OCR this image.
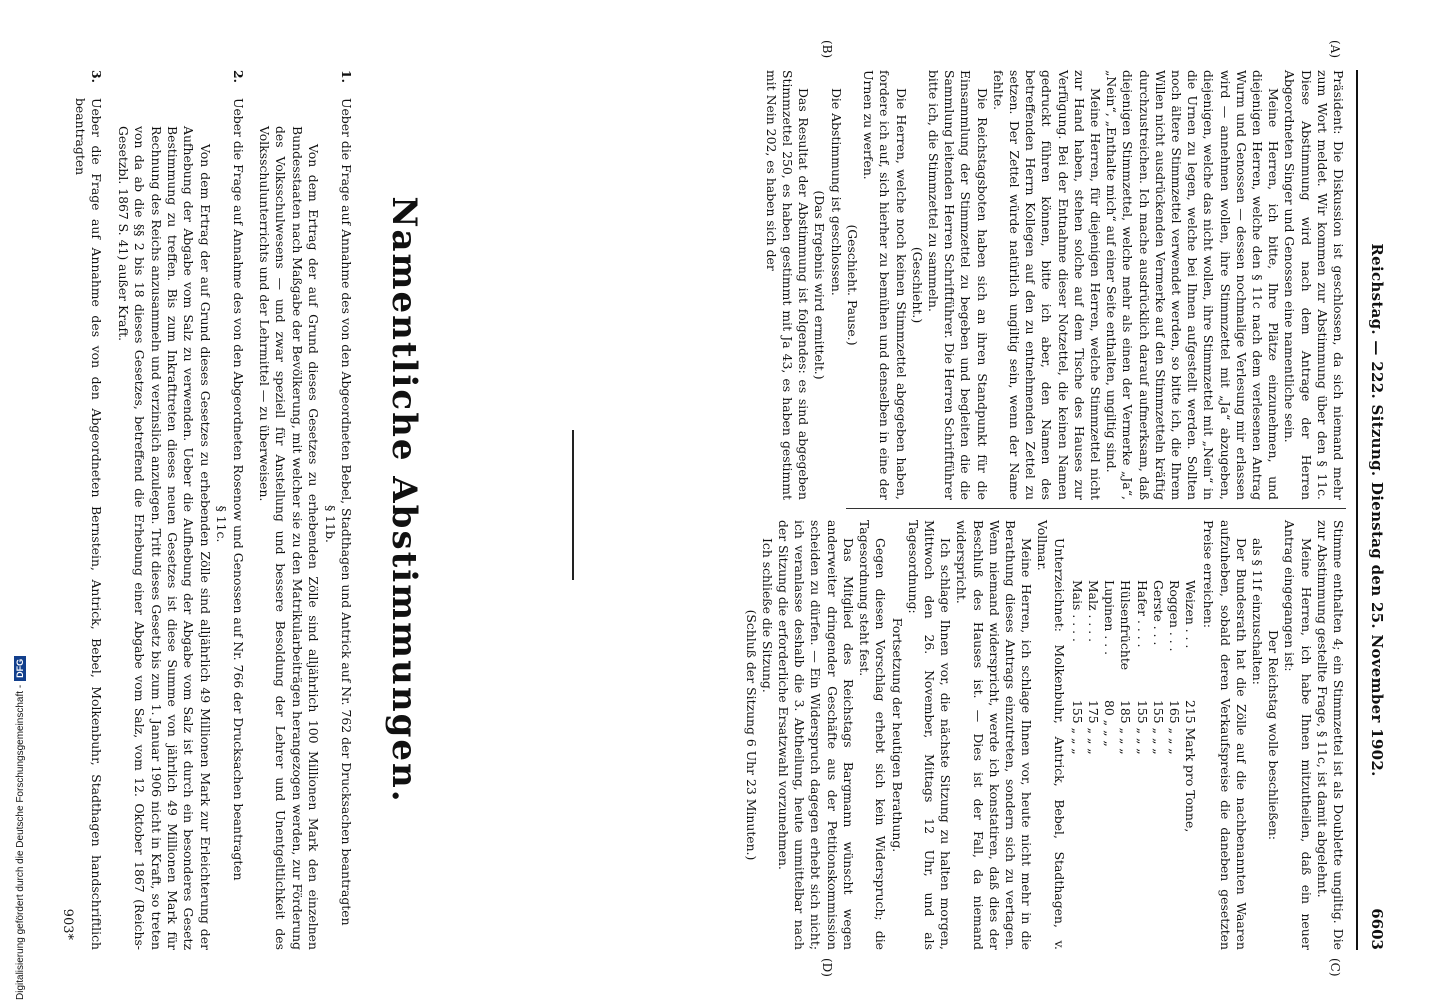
Reichstag. — 222. Sitzung. Dienstag den 25. November 1902.
6603
(A)
(B)
(C)
(D)

Präsident: Die Diskussion ist geschlossen, da sich niemand mehr zum Wort meldet. Wir kommen zur Abstimmung über den § 11c. Diese Abstimmung wird nach dem Antrage der Herren Abgeordneten Singer und Genossen eine namentliche sein.

Meine Herren, ich bitte, Ihre Plätze einzunehmen, und diejenigen Herren, welche den § 11c nach dem verlesenen Antrag Wurm und Genossen — dessen nochmalige Verlesung mir erlassen wird — annehmen wollen, ihre Stimmzettel mit „Ja“ abzugeben, diejenigen, welche das nicht wollen, ihre Stimmzettel mit „Nein“ in die Urnen zu legen, welche bei Ihnen aufgestellt werden. Sollten noch ältere Stimmzettel verwendet werden, so bitte ich, die Ihrem Willen nicht ausdrückenden Vermerke auf den Stimmzetteln kräftig durchzustreichen. Ich mache ausdrücklich darauf aufmerksam, daß diejenigen Stimmzettel, welche mehr als einen der Vermerke „Ja“, „Nein“, „Enthalte mich“ auf einer Seite enthalten, ungiltig sind.

Meine Herren, für diejenigen Herren, welche Stimmzettel nicht zur Hand haben, stehen solche auf dem Tische des Hauses zur Verfügung. Bei der Entnahme dieser Notzettel, die keinen Namen gedruckt führen können, bitte ich aber, den Namen des betreffenden Herrn Kollegen auf den zu entnehmenden Zettel zu setzen. Der Zettel würde natürlich ungiltig sein, wenn der Name fehlte.

Die Reichstagsboten haben sich an ihren Standpunkt für die Einsammlung der Stimmzettel zu begeben und begleiten die die Sammlung leitenden Herren Schriftführer. Die Herren Schriftführer bitte ich, die Stimmzettel zu sammeln.

(Geschieht.)

Die Herren, welche noch keinen Stimmzettel abgegeben haben, fordere ich auf, sich hierher zu bemühen und denselben in eine der Urnen zu werfen.

(Geschieht. Pause.)

Die Abstimmung ist geschlossen.

(Das Ergebnis wird ermittelt.)

Das Resultat der Abstimmung ist folgendes: es sind abgegeben Stimmzettel 250, es haben gestimmt mit Ja 43, es haben gestimmt mit Nein 202, es haben sich der

Stimme enthalten 4; ein Stimmzettel ist als Doublette ungiltig. Die zur Abstimmung gestellte Frage, § 11c, ist damit abgelehnt.

Meine Herren, ich habe Ihnen mitzutheilen, daß ein neuer Antrag eingegangen ist:

Der Reichstag wolle beschließen:

als § 11f einzuschalten:

Der Bundesrath hat die Zölle auf die nachbenannten Waaren aufzuheben, sobald deren Verkaufspreise die daneben gesetzten Preise erreichen:

Weizen . . .
215 Mark pro Tonne,
Roggen . . .
165 „ „ „
Gerste . . .
155 „ „ „
Hafer . . . .
155 „ „ „
Hülsenfrüchte
185 „ „ „
Lupinen . . .
80 „ „ „
Malz . . . .
175 „ „ „
Mais . . . .
155 „ „ „

Unterzeichnet: Molkenbuhr, Antrick, Bebel, Stadthagen, v. Vollmar.

Meine Herren, ich schlage Ihnen vor, heute nicht mehr in die Berathung dieses Antrags einzutreten, sondern sich zu vertagen. Wenn niemand widerspricht, werde ich konstatiren, daß dies der Beschluß des Hauses ist. — Dies ist der Fall, da niemand widerspricht.

Ich schlage Ihnen vor, die nächste Sitzung zu halten morgen, Mittwoch den 26. November, Mittags 12 Uhr, und als Tagesordnung:

Fortsetzung der heutigen Berathung.

Gegen diesen Vorschlag erhebt sich kein Widerspruch; die Tagesordnung steht fest.

Das Mitglied des Reichstags Bargmann wünscht wegen anderweiter dringender Geschäfte aus der Petitionskommission scheiden zu dürfen. — Ein Widerspruch dagegen erhebt sich nicht; ich veranlasse deshalb die 3. Abtheilung, heute unmittelbar nach der Sitzung die erforderliche Ersatzwahl vorzunehmen.

Ich schließe die Sitzung.

(Schluß der Sitzung 6 Uhr 23 Minuten.)

Namentliche Abstimmungen.
1.
Ueber die Frage auf Annahme des von den Abgeordneten Bebel, Stadthagen und Antrick auf Nr. 762 der Drucksachen beantragten
§ 11b.
Von dem Ertrag der auf Grund dieses Gesetzes zu erhebenden Zölle sind alljährlich 100 Millionen Mark den einzelnen Bundesstaaten nach Maßgabe der Bevölkerung, mit welcher sie zu den Matrikularbeiträgen herangezogen werden, zur Förderung des Volksschulwesens — und zwar speziell für Anstellung und bessere Besoldung der Lehrer und Unentgeltlichkeit des Volksschulunterrichts und der Lehrmittel — zu überweisen.
2.
Ueber die Frage auf Annahme des von den Abgeordneten Rosenow und Genossen auf Nr. 766 der Drucksachen beantragten
§ 11c.
Von dem Ertrag der auf Grund dieses Gesetzes zu erhebenden Zölle sind alljährlich 49 Millionen Mark zur Erleichterung der Aufhebung der Abgabe vom Salz zu verwenden. Ueber die Aufhebung der Abgabe vom Salz ist durch ein besonderes Gesetz Bestimmung zu treffen. Bis zum Inkrafttreten dieses neuen Gesetzes ist diese Summe von jährlich 49 Millionen Mark für Rechnung des Reichs anzusammeln und verzinslich anzulegen. Tritt dieses Gesetz bis zum 1. Januar 1906 nicht in Kraft, so treten von da ab die §§ 2 bis 18 dieses Gesetzes, betreffend die Erhebung einer Abgabe vom Salz, vom 12. Oktober 1867 (Reichs-Gesetzbl. 1867 S. 41) außer Kraft.
3.
Ueber die Frage auf Annahme des von den Abgeordneten Bernstein, Antrick, Bebel, Molkenbuhr, Stadthagen handschriftlich beantragten
903*
Digitalisierung gefördert durch die Deutsche Forschungsgemeinschaft -
DFG
